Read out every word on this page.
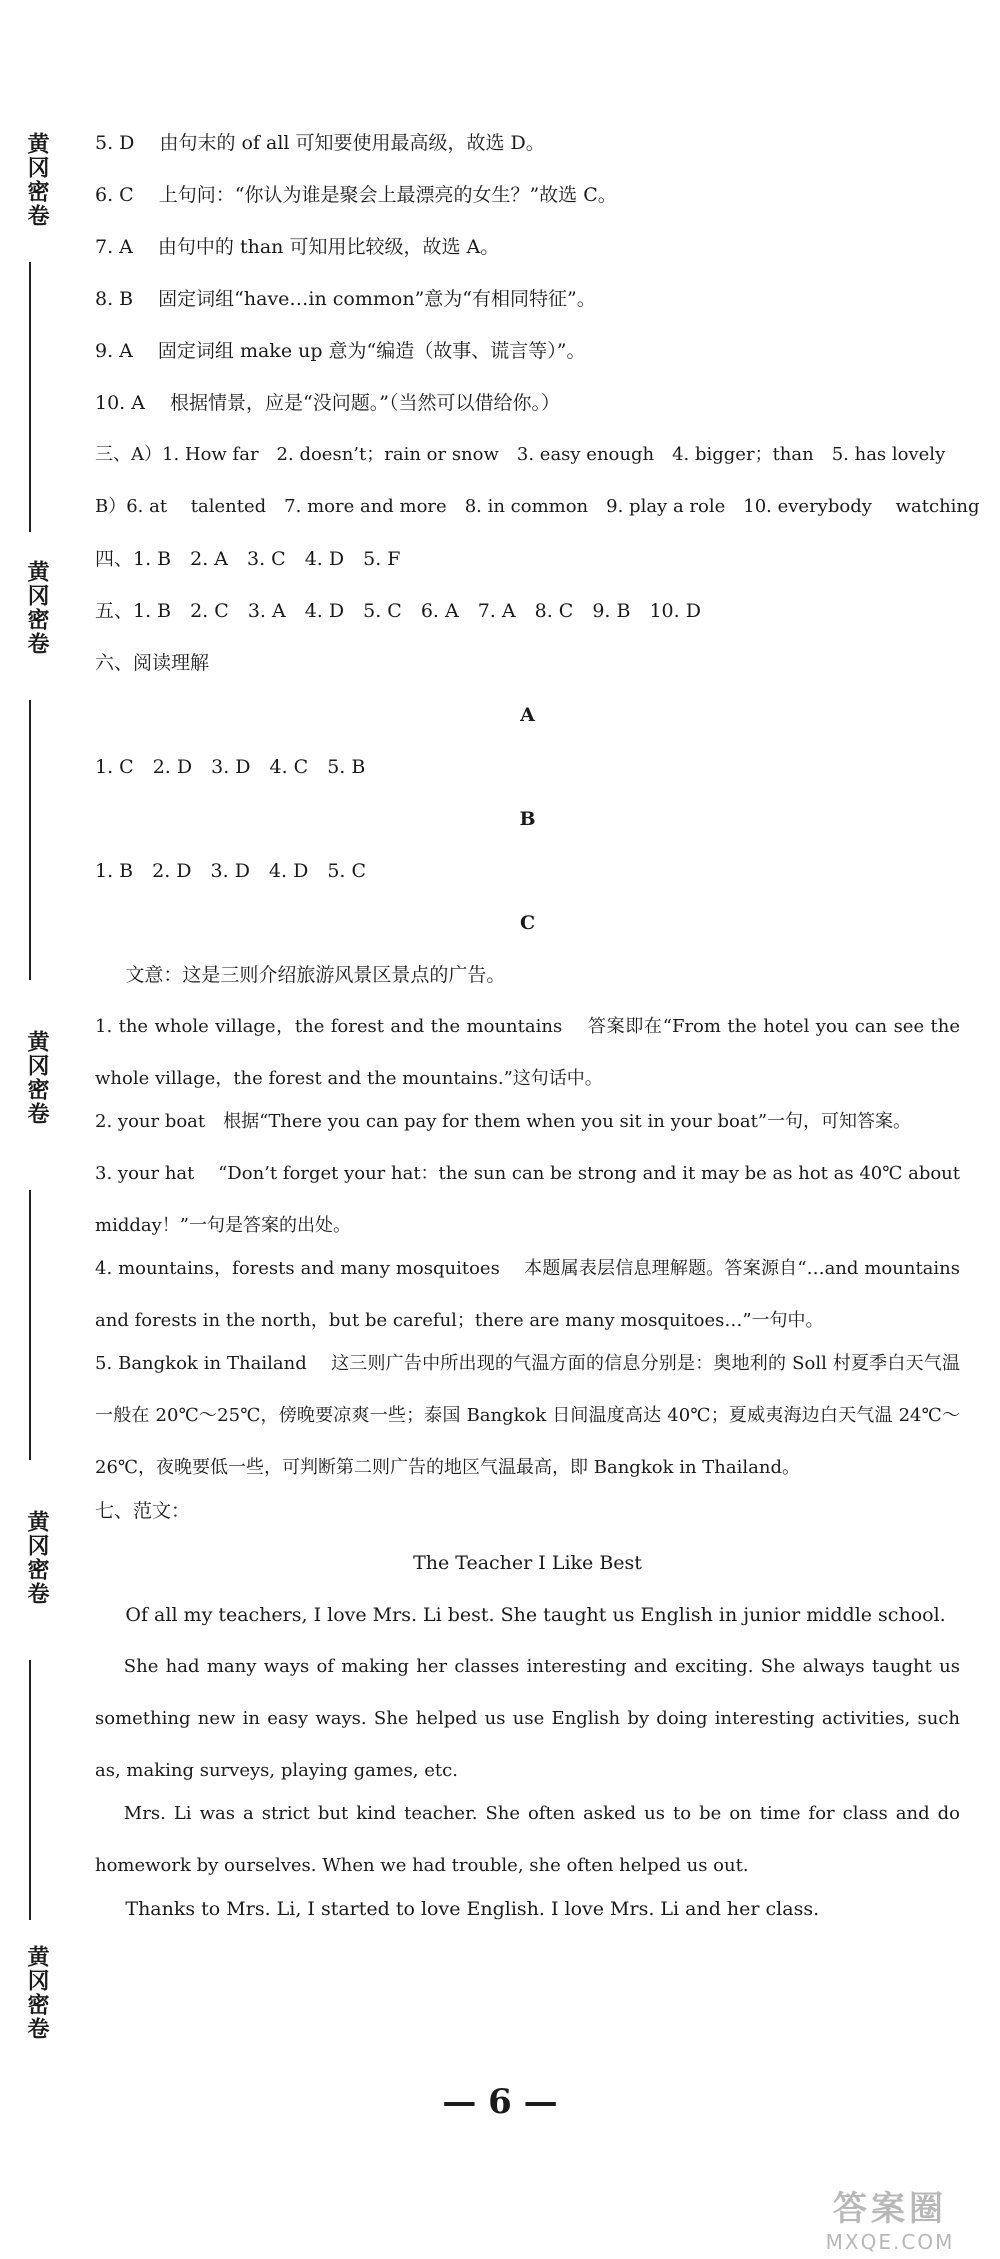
黄冈密卷
黄冈密卷
黄冈密卷
黄冈密卷
黄冈密卷
5. D　 由句末的 of all 可知要使用最高级，故选 D。
6. C　 上句问：“你认为谁是聚会上最漂亮的女生？”故选 C。
7. A　 由句中的 than 可知用比较级，故选 A。
8. B　 固定词组“have…in common”意为“有相同特征”。
9. A　 固定词组 make up 意为“编造（故事、谎言等）”。
10. A　 根据情景，应是“没问题。”（当然可以借给你。）
三、A）1. How far　2. doesn’t；rain or snow　3. easy enough　4. bigger；than　5. has lovely
B）6. at　 talented　7. more and more　8. in common　9. play a role　10. everybody　 watching
四、1. B　2. A　3. C　4. D　5. F
五、1. B　2. C　3. A　4. D　5. C　6. A　7. A　8. C　9. B　10. D
六、阅读理解
A
1. C　2. D　3. D　4. C　5. B
B
1. B　2. D　3. D　4. D　5. C
C
文意：这是三则介绍旅游风景区景点的广告。
1. the whole village，the forest and the mountains　 答案即在“From the hotel you can see the whole village，the forest and the mountains.”这句话中。
2. your boat　根据“There you can pay for them when you sit in your boat”一句，可知答案。
3. your hat　 “Don’t forget your hat：the sun can be strong and it may be as hot as 40℃ about midday！”一句是答案的出处。
4. mountains，forests and many mosquitoes　 本题属表层信息理解题。答案源自“…and mountains and forests in the north，but be careful；there are many mosquitoes…”一句中。
5. Bangkok in Thailand　 这三则广告中所出现的气温方面的信息分别是：奥地利的 Soll 村夏季白天气温一般在 20℃～25℃，傍晚要凉爽一些；泰国 Bangkok 日间温度高达 40℃；夏威夷海边白天气温 24℃～26℃，夜晚要低一些，可判断第二则广告的地区气温最高，即 Bangkok in Thailand。
七、范文：
The Teacher I Like Best
Of all my teachers, I love Mrs. Li best. She taught us English in junior middle school.
She had many ways of making her classes interesting and exciting. She always taught us something new in easy ways. She helped us use English by doing interesting activities, such as, making surveys, playing games, etc.
Mrs. Li was a strict but kind teacher. She often asked us to be on time for class and do homework by ourselves. When we had trouble, she often helped us out.
Thanks to Mrs. Li, I started to love English. I love Mrs. Li and her class.
— 6 —
答案圈
MXQE.COM
